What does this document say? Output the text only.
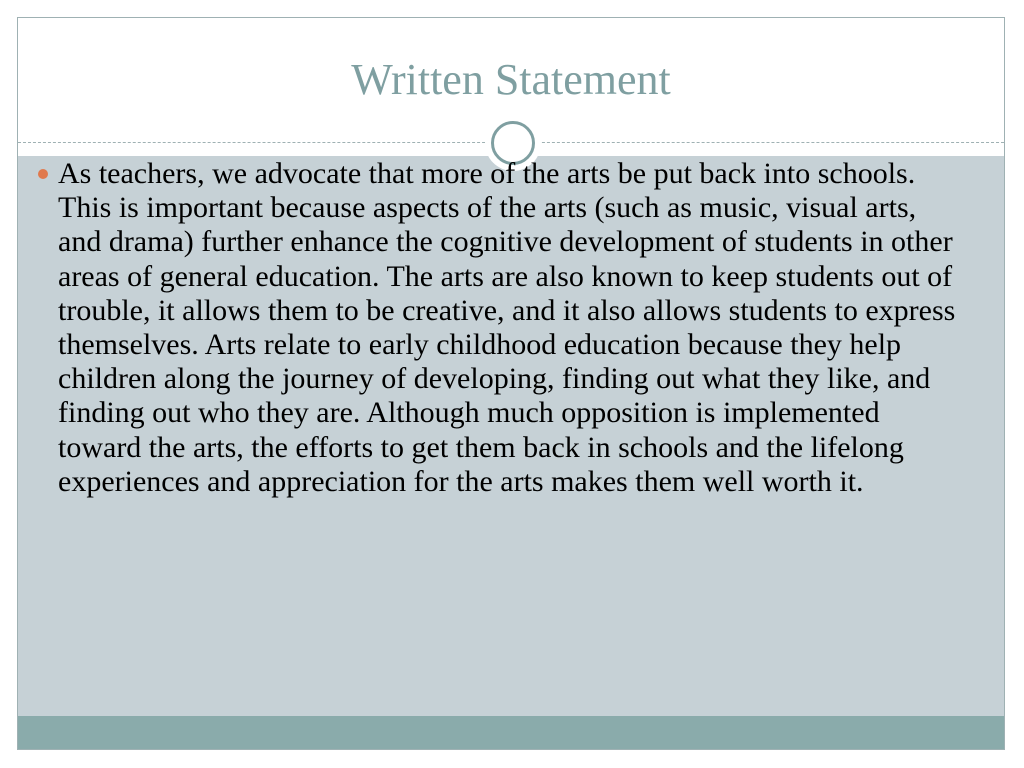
Written Statement
As teachers, we advocate that more of the arts be put back into schools. This is important because aspects of the arts (such as music, visual arts, and drama) further enhance the cognitive development of students in other areas of general education. The arts are also known to keep students out of trouble, it allows them to be creative, and it also allows students to express themselves. Arts relate to early childhood education because they help children along the journey of developing, finding out what they like, and finding out who they are. Although much opposition is implemented toward the arts, the efforts to get them back in schools and the lifelong experiences and appreciation for the arts makes them well worth it.
